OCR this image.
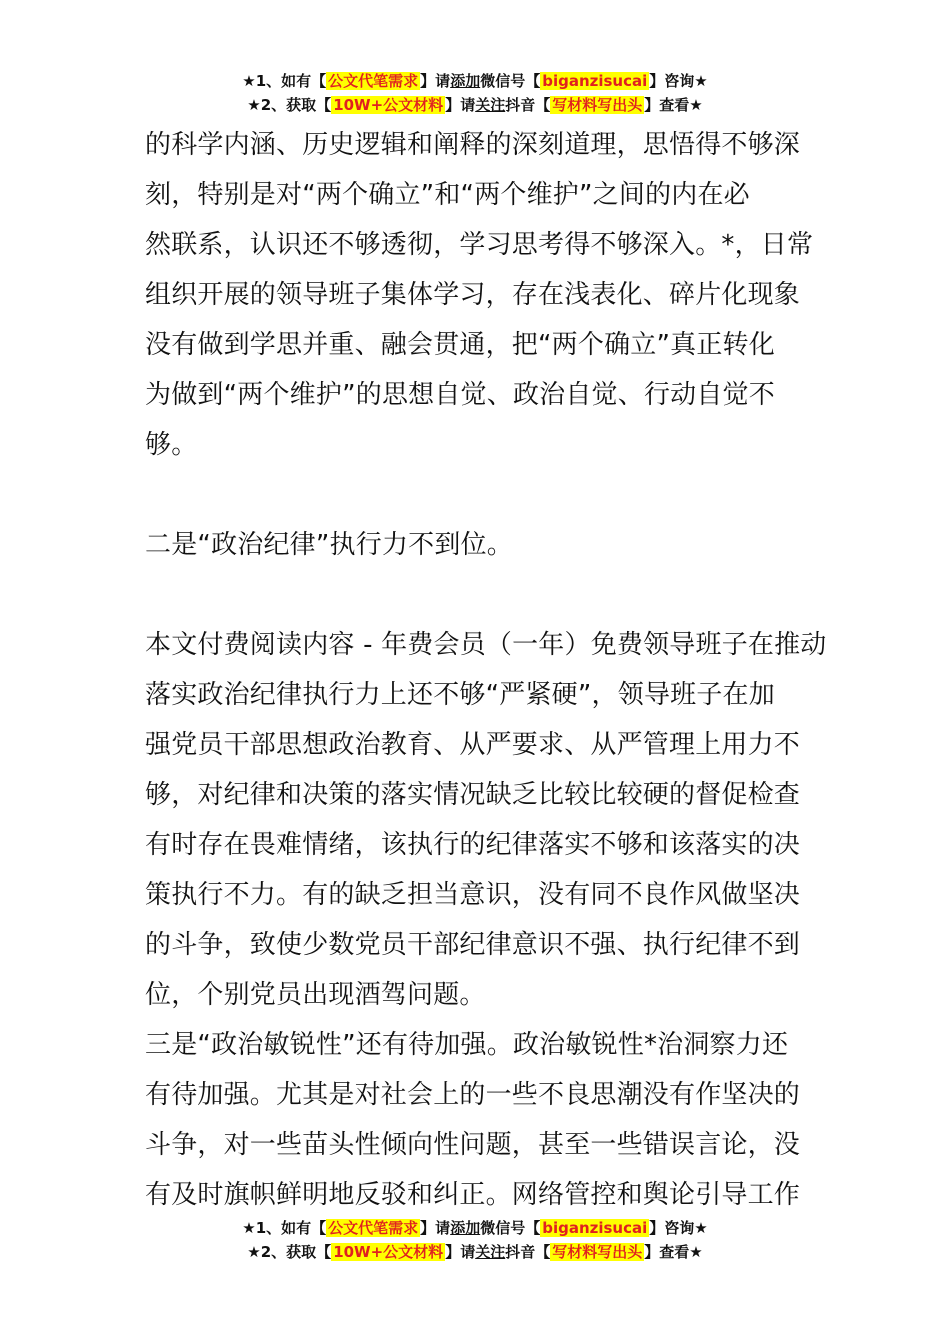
★1、如有【 公文代笔需求 】请添加微信号【 biganzisucai 】咨询★
★2、获取【 10W+公文材料 】请关注抖音【 写材料写出头 】查看★
的科学内涵、历史逻辑和阐释的深刻道理，思悟得不够深
刻，特别是对“两个确立”和“两个维护”之间的内在必
然联系，认识还不够透彻，学习思考得不够深入。*，日常
组织开展的领导班子集体学习，存在浅表化、碎片化现象
没有做到学思并重、融会贯通，把“两个确立”真正转化
为做到“两个维护”的思想自觉、政治自觉、行动自觉不
够。
二是“政治纪律”执行力不到位。
本文付费阅读内容 - 年费会员（一年）免费领导班子在推动
落实政治纪律执行力上还不够“严紧硬”，领导班子在加
强党员干部思想政治教育、从严要求、从严管理上用力不
够，对纪律和决策的落实情况缺乏比较比较硬的督促检查
有时存在畏难情绪，该执行的纪律落实不够和该落实的决
策执行不力。有的缺乏担当意识，没有同不良作风做坚决
的斗争，致使少数党员干部纪律意识不强、执行纪律不到
位，个别党员出现酒驾问题。
三是“政治敏锐性”还有待加强。政治敏锐性*治洞察力还
有待加强。尤其是对社会上的一些不良思潮没有作坚决的
斗争，对一些苗头性倾向性问题，甚至一些错误言论，没
有及时旗帜鲜明地反驳和纠正。网络管控和舆论引导工作
★1、如有【 公文代笔需求 】请添加微信号【 biganzisucai 】咨询★
★2、获取【 10W+公文材料 】请关注抖音【 写材料写出头 】查看★
